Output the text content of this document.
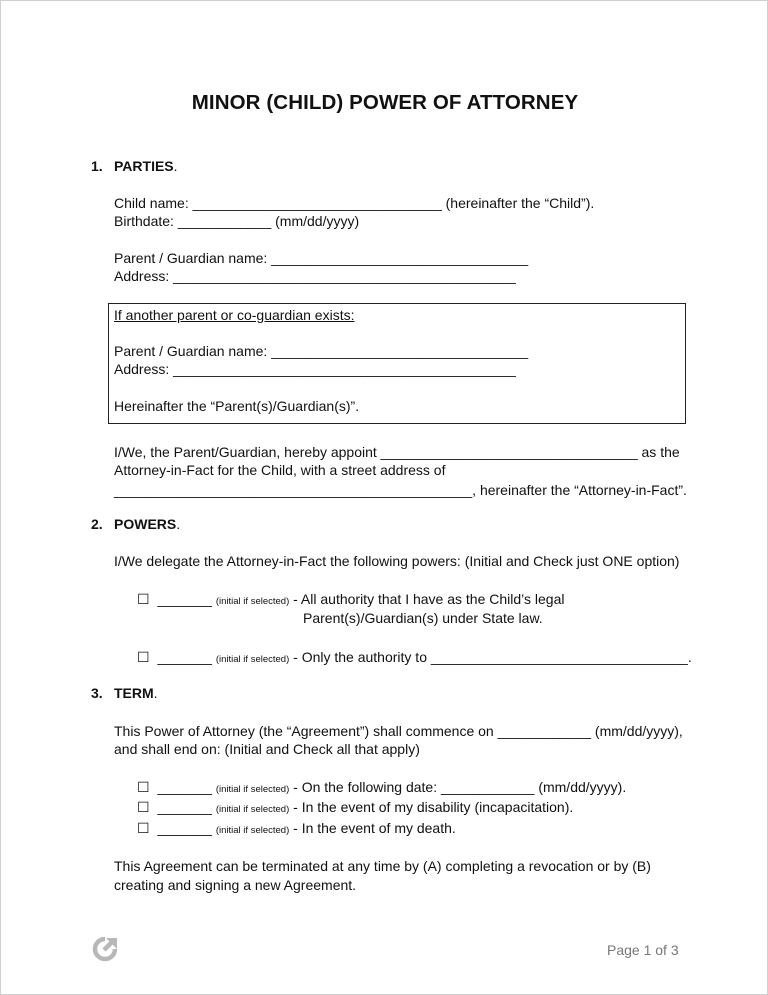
MINOR (CHILD) POWER OF ATTORNEY
1. PARTIES.
Child name: ________________________________ (hereinafter the “Child”).
Birthdate: ____________ (mm/dd/yyyy)
Parent / Guardian name: _________________________________
Address: ____________________________________________
If another parent or co-guardian exists:
Parent / Guardian name: _________________________________
Address: ____________________________________________
Hereinafter the “Parent(s)/Guardian(s)”.
I/We, the Parent/Guardian, hereby appoint _________________________________ as the
Attorney-in-Fact for the Child, with a street address of
______________________________________________, hereinafter the “Attorney-in-Fact”.
2. POWERS.
I/We delegate the Attorney-in-Fact the following powers: (Initial and Check just ONE option)
☐ _______ (initial if selected) - All authority that I have as the Child’s legal
Parent(s)/Guardian(s) under State law.
☐ _______ (initial if selected) - Only the authority to _________________________________.
3. TERM.
This Power of Attorney (the “Agreement”) shall commence on ____________ (mm/dd/yyyy),
and shall end on: (Initial and Check all that apply)
☐ _______ (initial if selected) - On the following date: ____________ (mm/dd/yyyy).
☐ _______ (initial if selected) - In the event of my disability (incapacitation).
☐ _______ (initial if selected) - In the event of my death.
This Agreement can be terminated at any time by (A) completing a revocation or by (B)
creating and signing a new Agreement.
Page 1 of 3
